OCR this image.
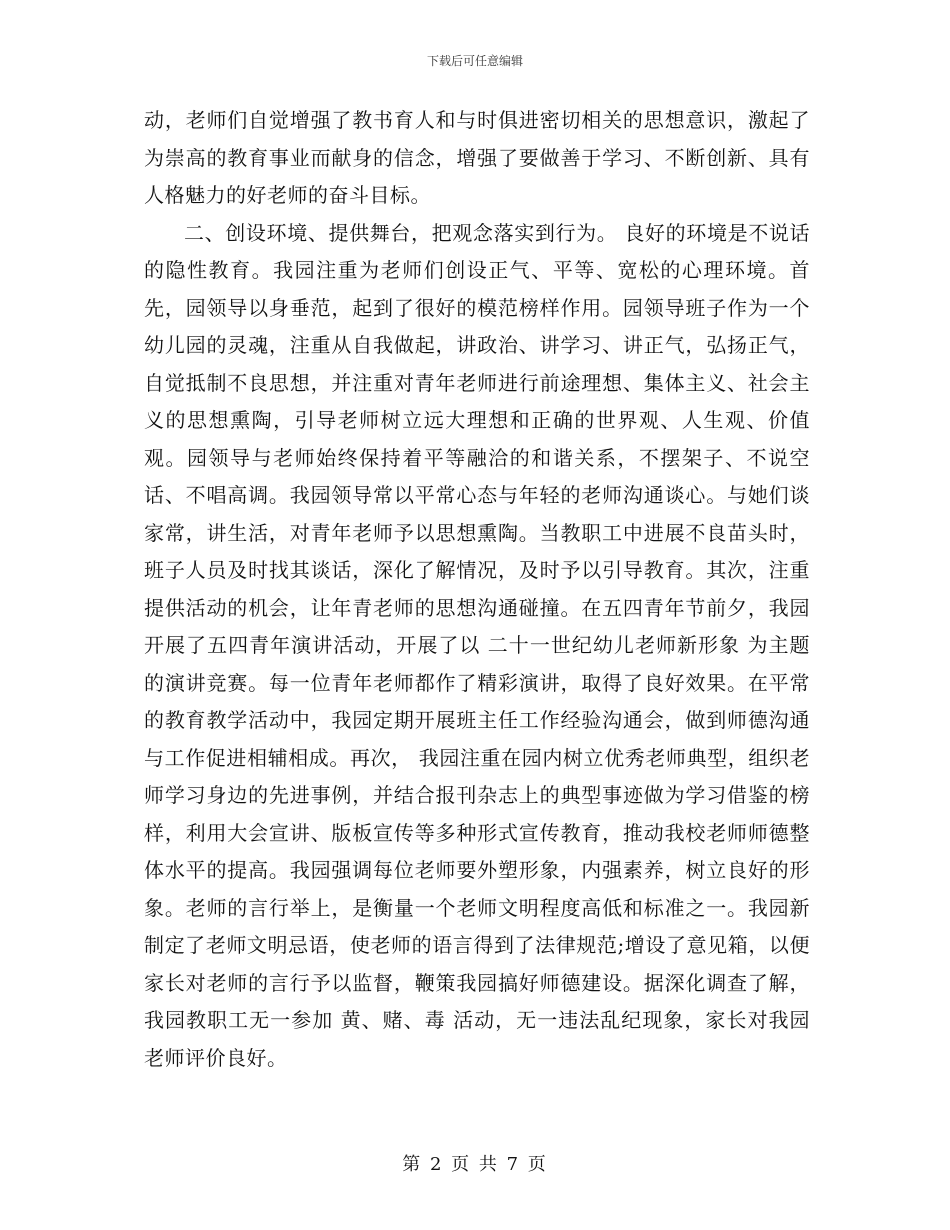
下载后可任意编辑

动，老师们自觉增强了教书育人和与时俱进密切相关的思想意识，激起了为崇高的教育事业而献身的信念，增强了要做善于学习、不断创新、具有人格魅力的好老师的奋斗目标。

二、创设环境、提供舞台，把观念落实到行为。 良好的环境是不说话的隐性教育。我园注重为老师们创设正气、平等、宽松的心理环境。首先，园领导以身垂范，起到了很好的模范榜样作用。园领导班子作为一个幼儿园的灵魂，注重从自我做起，讲政治、讲学习、讲正气，弘扬正气，自觉抵制不良思想，并注重对青年老师进行前途理想、集体主义、社会主义的思想熏陶，引导老师树立远大理想和正确的世界观、人生观、价值观。园领导与老师始终保持着平等融洽的和谐关系，不摆架子、不说空话、不唱高调。我园领导常以平常心态与年轻的老师沟通谈心。与她们谈家常，讲生活，对青年老师予以思想熏陶。当教职工中进展不良苗头时，班子人员及时找其谈话，深化了解情况，及时予以引导教育。其次，注重提供活动的机会，让年青老师的思想沟通碰撞。在五四青年节前夕，我园开展了五四青年演讲活动，开展了以 二十一世纪幼儿老师新形象 为主题的演讲竞赛。每一位青年老师都作了精彩演讲，取得了良好效果。在平常的教育教学活动中，我园定期开展班主任工作经验沟通会，做到师德沟通与工作促进相辅相成。再次， 我园注重在园内树立优秀老师典型，组织老师学习身边的先进事例，并结合报刊杂志上的典型事迹做为学习借鉴的榜样，利用大会宣讲、版板宣传等多种形式宣传教育，推动我校老师师德整体水平的提高。我园强调每位老师要外塑形象，内强素养，树立良好的形象。老师的言行举上，是衡量一个老师文明程度高低和标准之一。我园新制定了老师文明忌语，使老师的语言得到了法律规范;增设了意见箱，以便家长对老师的言行予以监督，鞭策我园搞好师德建设。据深化调查了解，我园教职工无一参加 黄、赌、毒 活动，无一违法乱纪现象，家长对我园老师评价良好。

第 2 页 共 7 页
